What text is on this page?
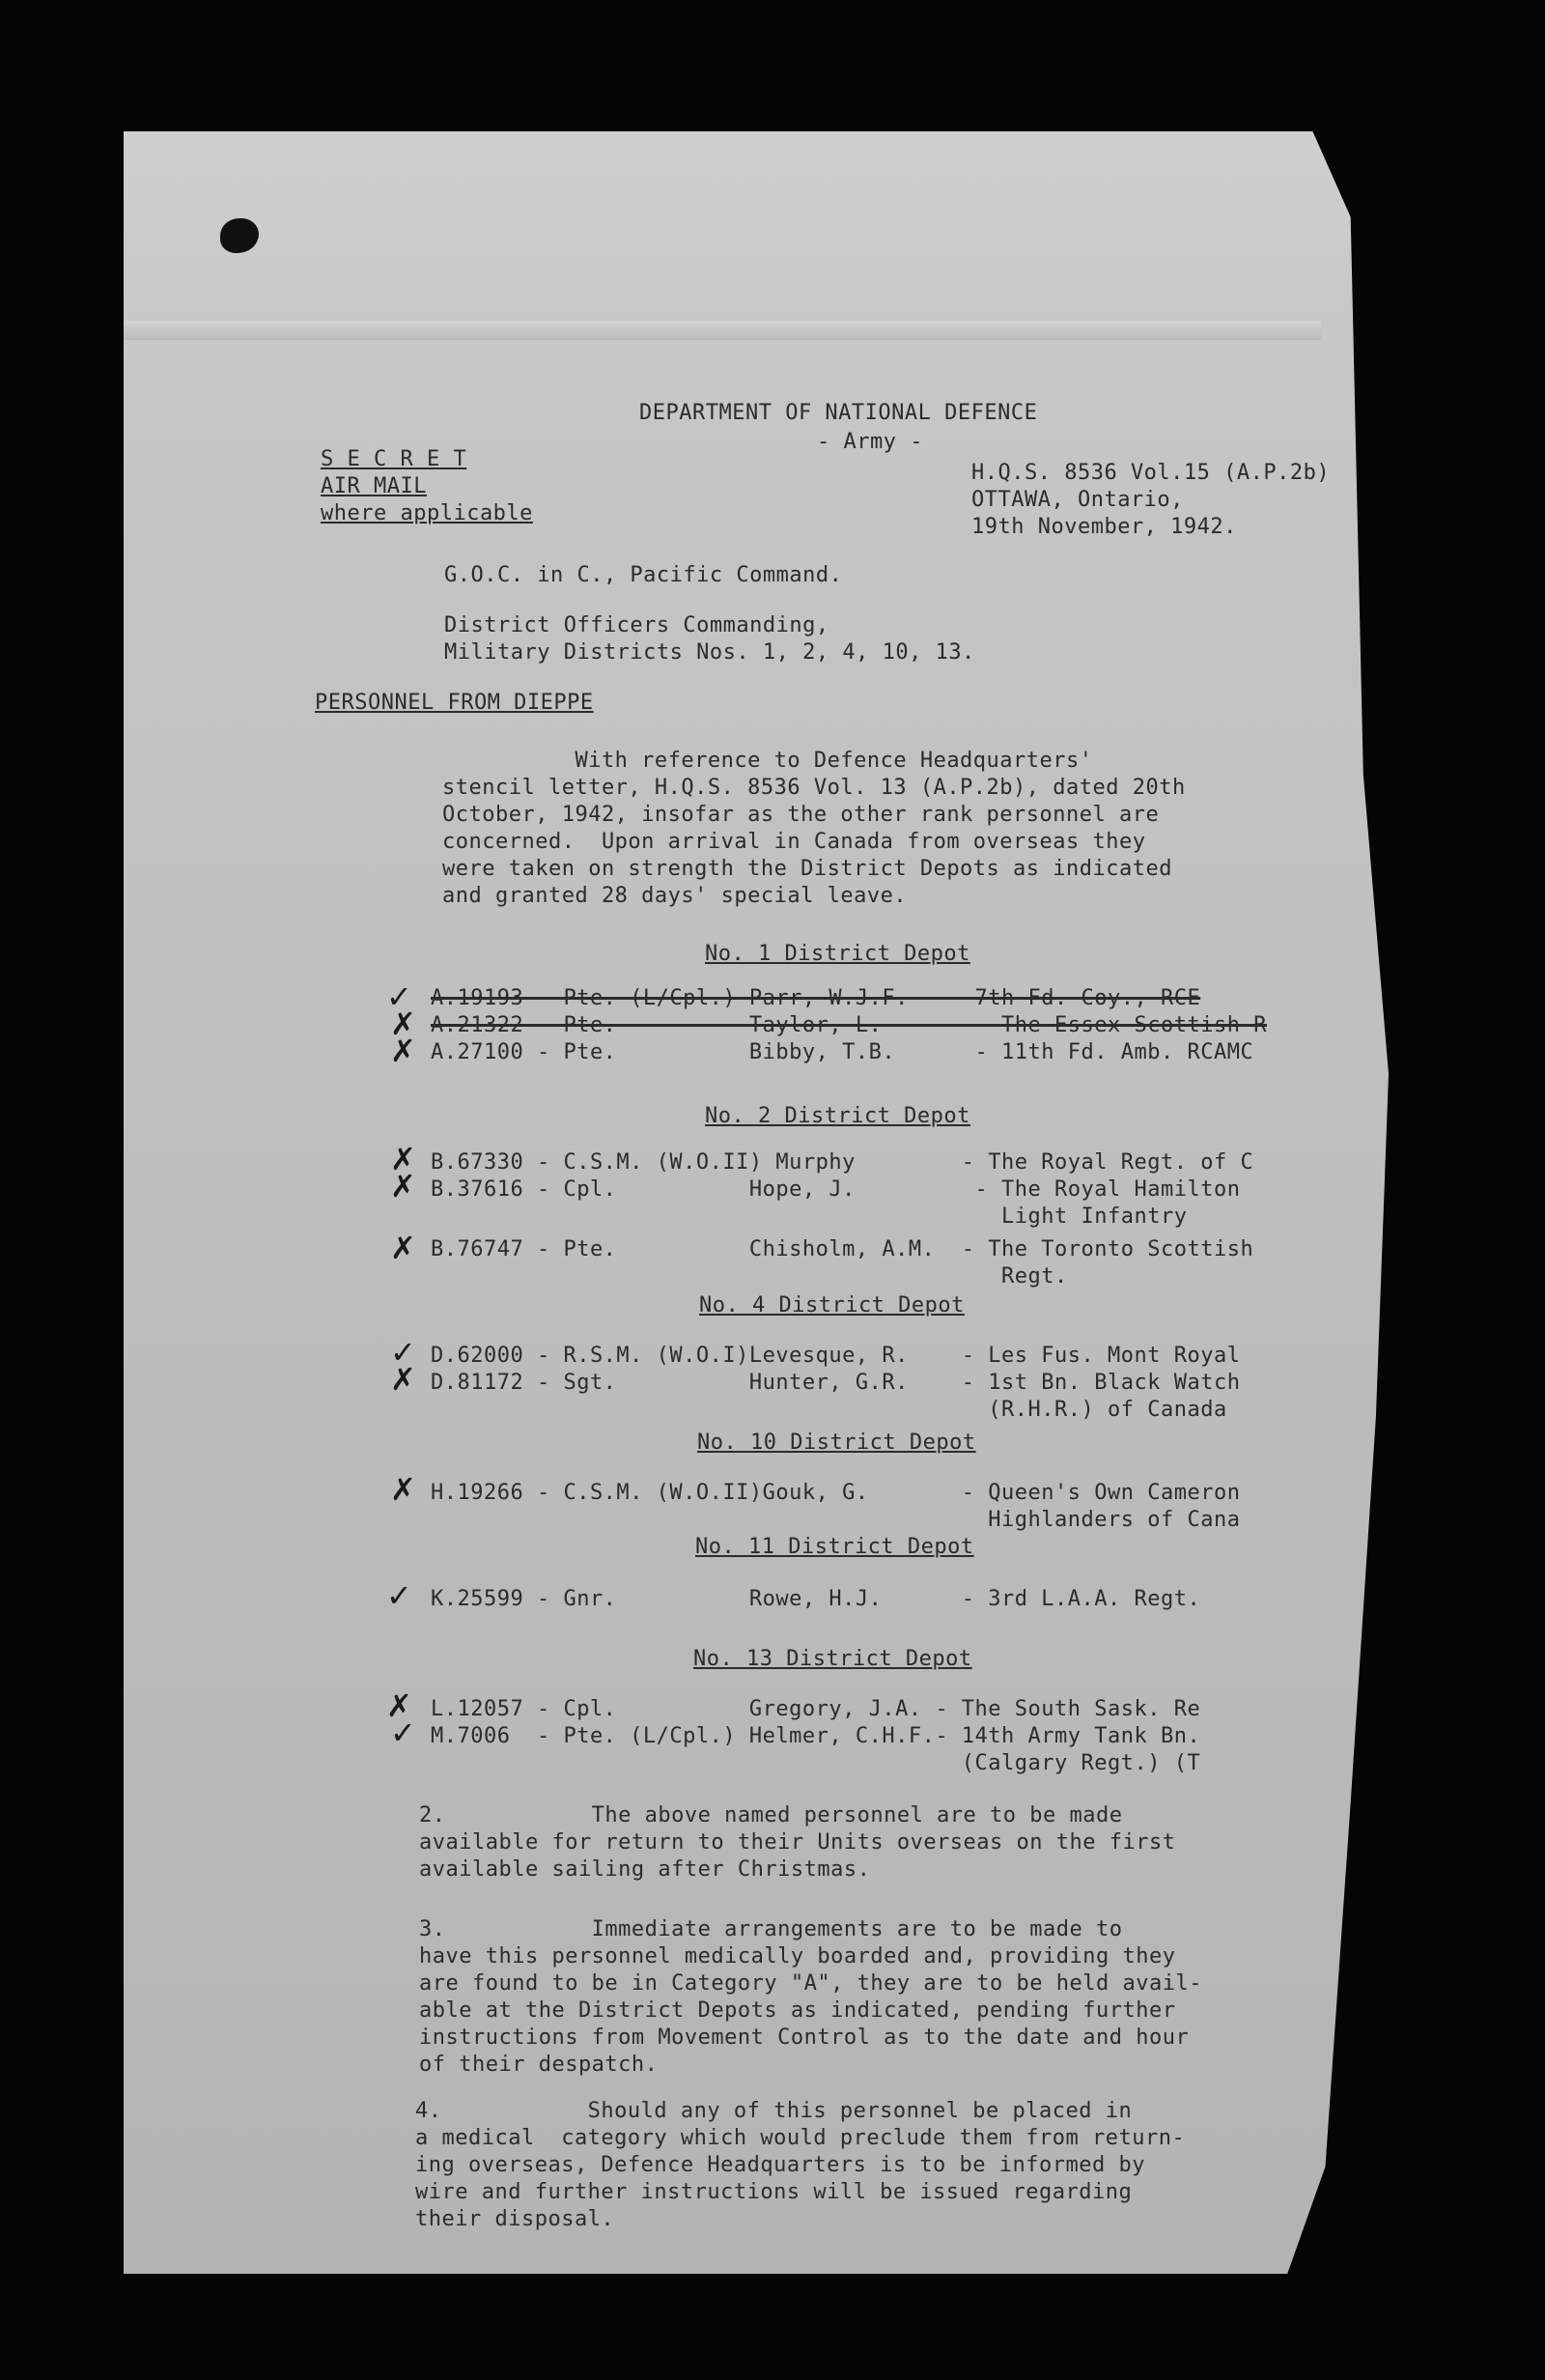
DEPARTMENT OF NATIONAL DEFENCE

- Army -

H.Q.S. 8536 Vol.15 (A.P.2b)

OTTAWA, Ontario,

19th November, 1942.

S E C R E T

AIR MAIL

where applicable

G.O.C. in C., Pacific Command.

District Officers Commanding,

Military Districts Nos. 1, 2, 4, 10, 13.

PERSONNEL FROM DIEPPE

With reference to Defence Headquarters'

stencil letter, H.Q.S. 8536 Vol. 13 (A.P.2b), dated 20th

October, 1942, insofar as the other rank personnel are

concerned.  Upon arrival in Canada from overseas they

were taken on strength the District Depots as indicated

and granted 28 days' special leave.

No. 1 District Depot

✓ A.19193 - Pte. (L/Cpl.) Parr, W.J.F.   - 7th Fd. Coy., RCE

✗ A.21322 - Pte.          Taylor, L.       - The Essex Scottish R

✗ A.27100 - Pte.          Bibby, T.B.      - 11th Fd. Amb. RCAMC

No. 2 District Depot

✗ B.67330 - C.S.M. (W.O.II) Murphy        - The Royal Regt. of C

✗ B.37616 - Cpl.          Hope, J.         - The Royal Hamilton

Light Infantry

✗ B.76747 - Pte.          Chisholm, A.M.  - The Toronto Scottish

Regt.

No. 4 District Depot

✓ D.62000 - R.S.M. (W.O.I)Levesque, R.    - Les Fus. Mont Royal

✗ D.81172 - Sgt.          Hunter, G.R.    - 1st Bn. Black Watch

(R.H.R.) of Canada

No. 10 District Depot

✗ H.19266 - C.S.M. (W.O.II)Gouk, G.       - Queen's Own Cameron

Highlanders of Cana

No. 11 District Depot

✓ K.25599 - Gnr.          Rowe, H.J.      - 3rd L.A.A. Regt.

No. 13 District Depot

✗ L.12057 - Cpl.          Gregory, J.A. - The South Sask. Re

✓ M.7006  - Pte. (L/Cpl.) Helmer, C.H.F.- 14th Army Tank Bn.

(Calgary Regt.) (T

2.           The above named personnel are to be made

available for return to their Units overseas on the first

available sailing after Christmas.

3.           Immediate arrangements are to be made to

have this personnel medically boarded and, providing they

are found to be in Category "A", they are to be held avail-

able at the District Depots as indicated, pending further

instructions from Movement Control as to the date and hour

of their despatch.

4.           Should any of this personnel be placed in

a medical  category which would preclude them from return-

ing overseas, Defence Headquarters is to be informed by

wire and further instructions will be issued regarding

their disposal.
